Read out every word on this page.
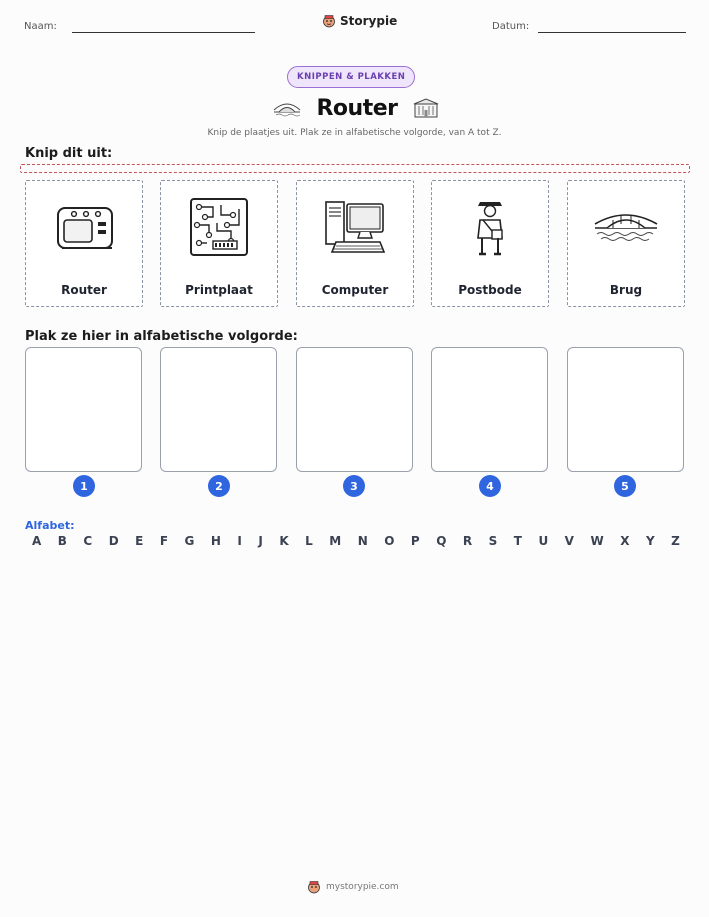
Naam:	Storypie	Datum:
KNIPPEN & PLAKKEN
Router
Knip de plaatjes uit. Plak ze in alfabetische volgorde, van A tot Z.
Knip dit uit:
Router	Printplaat	Computer	Postbode	Brug
Plak ze hier in alfabetische volgorde:
1	2	3	4	5
Alfabet:
A B C D E F G H I J K L M N O P Q R S T U V W X Y Z
mystorypie.com
